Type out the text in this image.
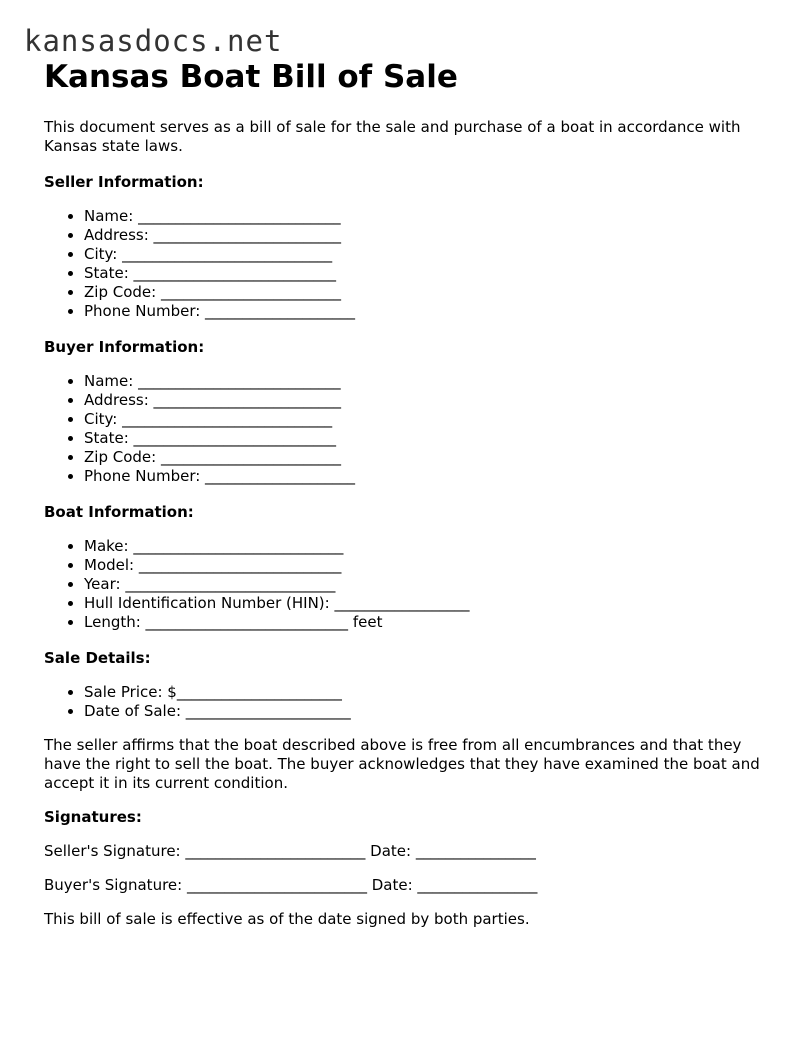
kansasdocs.net
Kansas Boat Bill of Sale

This document serves as a bill of sale for the sale and purchase of a boat in accordance with Kansas state laws.

Seller Information:
• Name: ___________________________
• Address: _________________________
• City: ____________________________
• State: ___________________________
• Zip Code: ________________________
• Phone Number: ____________________
Buyer Information:
• Name: ___________________________
• Address: _________________________
• City: ____________________________
• State: ___________________________
• Zip Code: ________________________
• Phone Number: ____________________
Boat Information:
• Make: ____________________________
• Model: ___________________________
• Year: ____________________________
• Hull Identification Number (HIN): __________________
• Length: ___________________________ feet
Sale Details:
• Sale Price: $______________________
• Date of Sale: ______________________

The seller affirms that the boat described above is free from all encumbrances and that they have the right to sell the boat. The buyer acknowledges that they have examined the boat and accept it in its current condition.

Signatures:

Seller's Signature: ________________________ Date: ________________

Buyer's Signature: ________________________ Date: ________________

This bill of sale is effective as of the date signed by both parties.
